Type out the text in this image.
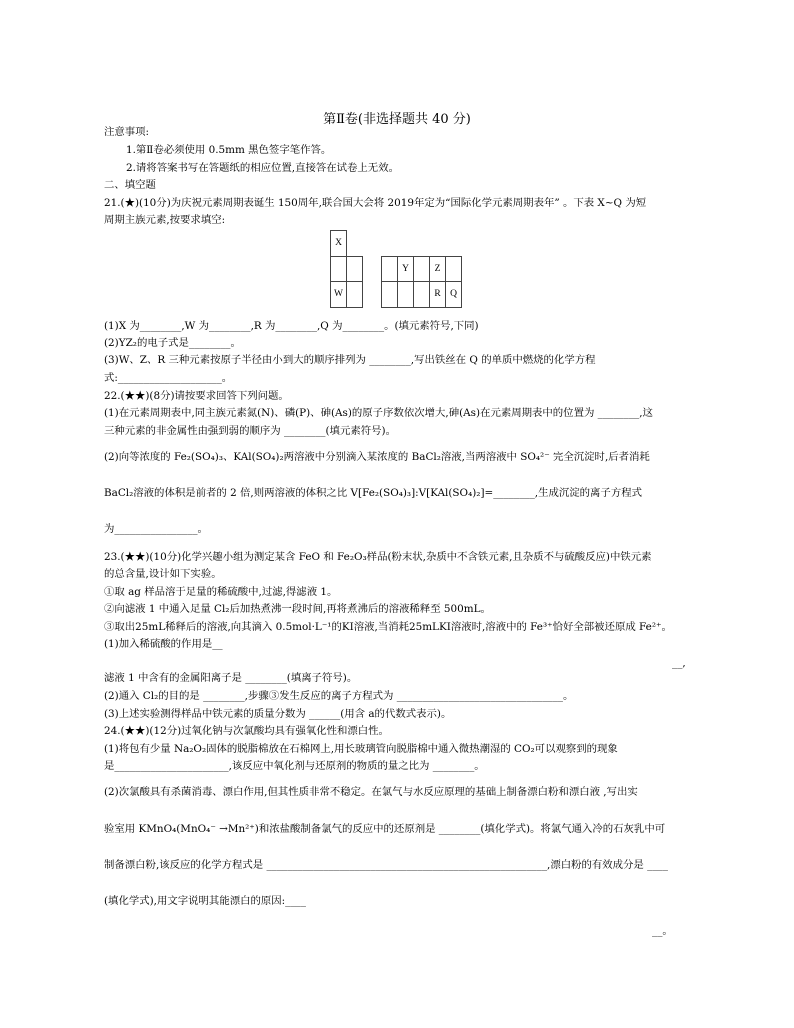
第Ⅱ卷(非选择题共 40 分)
注意事项:
1.第Ⅱ卷必须使用 0.5mm 黑色签字笔作答。
2.请将答案书写在答题纸的相应位置,直接答在试卷上无效。
二、填空题
21.(★)(10分)为庆祝元素周期表诞生 150周年,联合国大会将 2019年定为“国际化学元素周期表年” 。下表 X~Q 为短
周期主族元素,按要求填空:
X							
				Y		Z	
W						R	Q
(1)X 为________,W 为________,R 为________,Q 为________。(填元素符号,下同)
(2)YZ₂的电子式是________。
(3)W、Z、R 三种元素按原子半径由小到大的顺序排列为 ________,写出铁丝在 Q 的单质中燃烧的化学方程
式:____________________。
22.(★★)(8分)请按要求回答下列问题。
(1)在元素周期表中,同主族元素氮(N)、磷(P)、砷(As)的原子序数依次增大,砷(As)在元素周期表中的位置为 ________,这
三种元素的非金属性由强到弱的顺序为 ________(填元素符号)。
(2)向等浓度的 Fe₂(SO₄)₃、KAl(SO₄)₂两溶液中分别滴入某浓度的 BaCl₂溶液,当两溶液中 SO₄²⁻ 完全沉淀时,后者消耗
BaCl₂溶液的体积是前者的 2 倍,则两溶液的体积之比 V[Fe₂(SO₄)₃]:V[KAl(SO₄)₂]=________,生成沉淀的离子方程式
为________________。
23.(★★)(10分)化学兴趣小组为测定某含 FeO 和 Fe₂O₃样品(粉末状,杂质中不含铁元素,且杂质不与硫酸反应)中铁元素
的总含量,设计如下实验。
①取 ag 样品溶于足量的稀硫酸中,过滤,得滤液 1。
②向滤液 1 中通入足量 Cl₂后加热煮沸一段时间,再将煮沸后的溶液稀释至 500mL。
③取出25mL稀释后的溶液,向其滴入 0.5mol·L⁻¹的KI溶液,当消耗25mLKI溶液时,溶液中的 Fe³⁺恰好全部被还原成 Fe²⁺。
(1)加入稀硫酸的作用是__
__,
滤液 1 中含有的金属阳离子是 ________(填离子符号)。
(2)通入 Cl₂的目的是 ________,步骤③发生反应的离子方程式为 ________________________________。
(3)上述实验测得样品中铁元素的质量分数为 ______(用含 a的代数式表示)。
24.(★★)(12分)过氧化钠与次氯酸均具有强氧化性和漂白性。
(1)将包有少量 Na₂O₂固体的脱脂棉放在石棉网上,用长玻璃管向脱脂棉中通入微热潮湿的 CO₂可以观察到的现象
是______________________,该反应中氧化剂与还原剂的物质的量之比为 ________。
(2)次氯酸具有杀菌消毒、漂白作用,但其性质非常不稳定。在氯气与水反应原理的基础上制备漂白粉和漂白液 ,写出实
验室用 KMnO₄(MnO₄⁻ →Mn²⁺)和浓盐酸制备氯气的反应中的还原剂是 ________(填化学式)。将氯气通入冷的石灰乳中可
制备漂白粉,该反应的化学方程式是 ______________________________________________________,漂白粉的有效成分是 ____
(填化学式),用文字说明其能漂白的原因:____
__。
